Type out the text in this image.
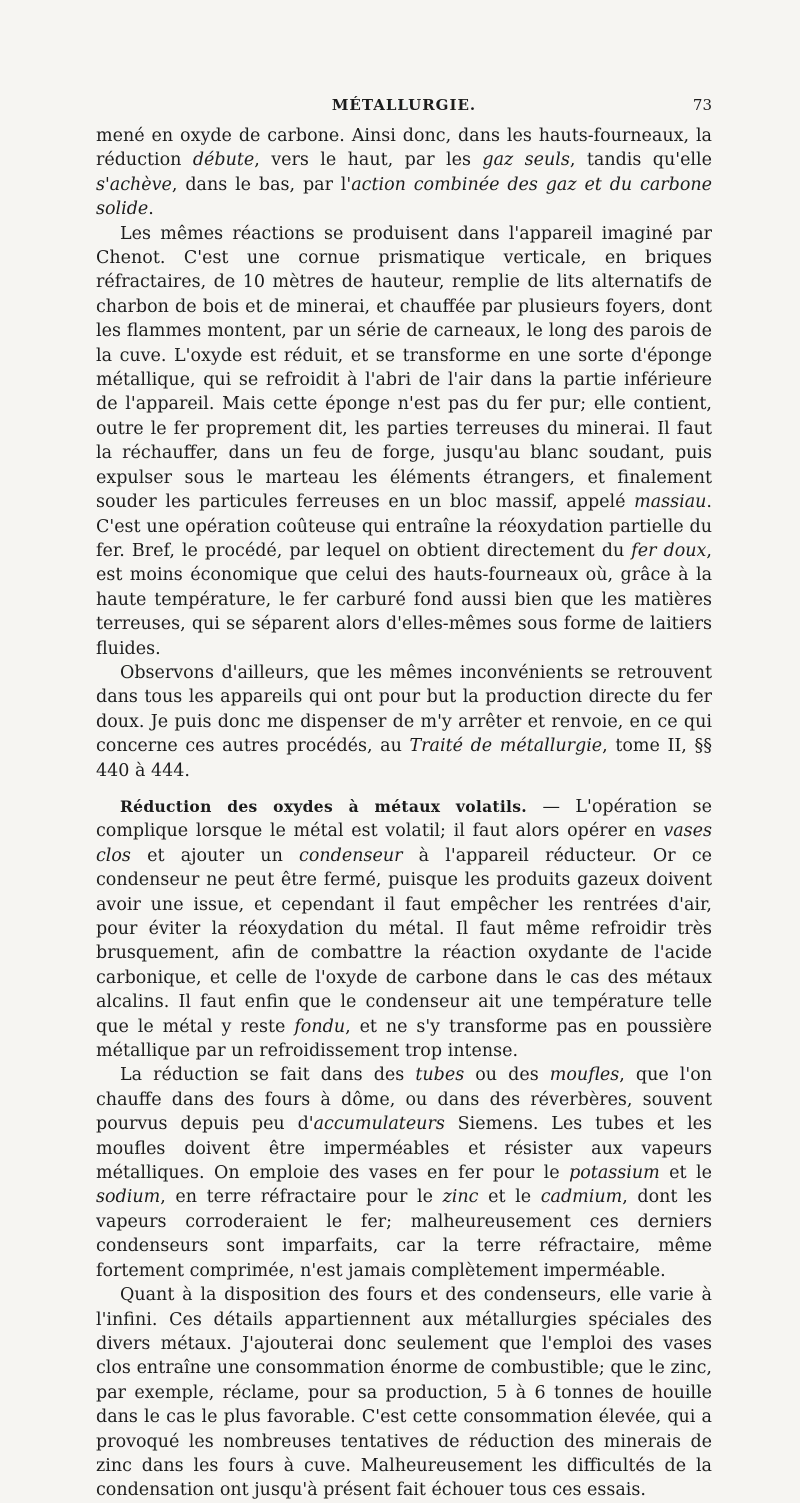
MÉTALLURGIE.	73

mené en oxyde de carbone. Ainsi donc, dans les hauts-fourneaux, la réduction débute, vers le haut, par les gaz seuls, tandis qu'elle s'achève, dans le bas, par l'action combinée des gaz et du carbone solide.

Les mêmes réactions se produisent dans l'appareil imaginé par Chenot. C'est une cornue prismatique verticale, en briques réfractaires, de 10 mètres de hauteur, remplie de lits alternatifs de charbon de bois et de minerai, et chauffée par plusieurs foyers, dont les flammes montent, par un série de carneaux, le long des parois de la cuve. L'oxyde est réduit, et se transforme en une sorte d'éponge métallique, qui se refroidit à l'abri de l'air dans la partie inférieure de l'appareil. Mais cette éponge n'est pas du fer pur; elle contient, outre le fer proprement dit, les parties terreuses du minerai. Il faut la réchauffer, dans un feu de forge, jusqu'au blanc soudant, puis expulser sous le marteau les éléments étrangers, et finalement souder les particules ferreuses en un bloc massif, appelé massiau. C'est une opération coûteuse qui entraîne la réoxydation partielle du fer. Bref, le procédé, par lequel on obtient directement du fer doux, est moins économique que celui des hauts-fourneaux où, grâce à la haute température, le fer carburé fond aussi bien que les matières terreuses, qui se séparent alors d'elles-mêmes sous forme de laitiers fluides.

Observons d'ailleurs, que les mêmes inconvénients se retrouvent dans tous les appareils qui ont pour but la production directe du fer doux. Je puis donc me dispenser de m'y arrêter et renvoie, en ce qui concerne ces autres procédés, au Traité de métallurgie, tome II, §§ 440 à 444.

Réduction des oxydes à métaux volatils. — L'opération se complique lorsque le métal est volatil; il faut alors opérer en vases clos et ajouter un condenseur à l'appareil réducteur. Or ce condenseur ne peut être fermé, puisque les produits gazeux doivent avoir une issue, et cependant il faut empêcher les rentrées d'air, pour éviter la réoxydation du métal. Il faut même refroidir très brusquement, afin de combattre la réaction oxydante de l'acide carbonique, et celle de l'oxyde de carbone dans le cas des métaux alcalins. Il faut enfin que le condenseur ait une température telle que le métal y reste fondu, et ne s'y transforme pas en poussière métallique par un refroidissement trop intense.

La réduction se fait dans des tubes ou des moufles, que l'on chauffe dans des fours à dôme, ou dans des réverbères, souvent pourvus depuis peu d'accumulateurs Siemens. Les tubes et les moufles doivent être imperméables et résister aux vapeurs métalliques. On emploie des vases en fer pour le potassium et le sodium, en terre réfractaire pour le zinc et le cadmium, dont les vapeurs corroderaient le fer; malheureusement ces derniers condenseurs sont imparfaits, car la terre réfractaire, même fortement comprimée, n'est jamais complètement imperméable.

Quant à la disposition des fours et des condenseurs, elle varie à l'infini. Ces détails appartiennent aux métallurgies spéciales des divers métaux. J'ajouterai donc seulement que l'emploi des vases clos entraîne une consommation énorme de combustible; que le zinc, par exemple, réclame, pour sa production, 5 à 6 tonnes de houille dans le cas le plus favorable. C'est cette consommation élevée, qui a provoqué les nombreuses tentatives de réduction des minerais de zinc dans les fours à cuve. Malheureusement les difficultés de la condensation ont jusqu'à présent fait échouer tous ces essais.
